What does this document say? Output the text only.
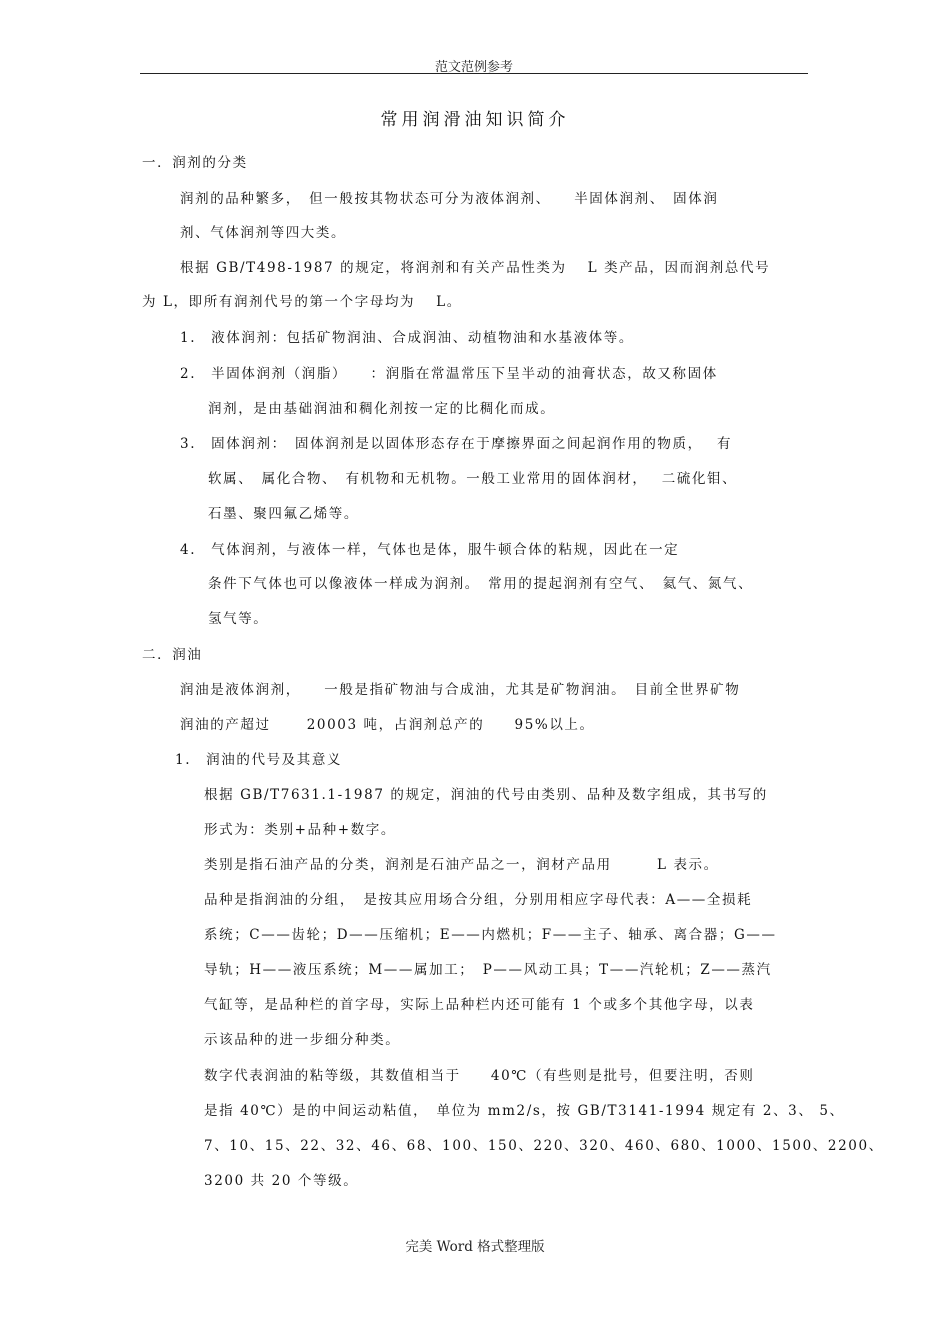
范文范例参考
常用润滑油知识简介
一．润剂的分类
润剂的品种繁多，　但一般按其物状态可分为液体润剂、　　半固体润剂、　固体润
剂、气体润剂等四大类。
根据 GB/T498-1987 的规定，将润剂和有关产品性类为　 L 类产品，因而润剂总代号
为 L，即所有润剂代号的第一个字母均为　 L。
1.　液体润剂：包括矿物润油、合成润油、动植物油和水基液体等。
2.　半固体润剂（润脂）　　：润脂在常温常压下呈半动的油膏状态，故又称固体
润剂，是由基础润油和稠化剂按一定的比稠化而成。
3.　固体润剂：　固体润剂是以固体形态存在于摩擦界面之间起润作用的物质，　 有
软属、　属化合物、　有机物和无机物。一般工业常用的固体润材，　 二硫化钼、
石墨、聚四氟乙烯等。
4.　气体润剂，与液体一样，气体也是体，服牛顿合体的粘规，因此在一定
条件下气体也可以像液体一样成为润剂。　常用的提起润剂有空气、　氦气、氮气、
氢气等。
二．润油
润油是液体润剂，　　一般是指矿物油与合成油，尤其是矿物润油。　目前全世界矿物
润油的产超过　　 20003 吨，占润剂总产的　　95%以上。
1.　润油的代号及其意义
根据 GB/T7631.1-1987 的规定，润油的代号由类别、品种及数字组成，其书写的
形式为：类别+品种+数字。
类别是指石油产品的分类，润剂是石油产品之一，润材产品用　　　L 表示。
品种是指润油的分组，　是按其应用场合分组，分别用相应字母代表：A——全损耗
系统；C——齿轮；D——压缩机；E——内燃机；F——主子、轴承、离合器；G——
导轨；H——液压系统；M——属加工；　P——风动工具；T——汽轮机；Z——蒸汽
气缸等，是品种栏的首字母，实际上品种栏内还可能有 1 个或多个其他字母，以表
示该品种的进一步细分种类。
数字代表润油的粘等级，其数值相当于　　40℃（有些则是批号，但要注明，否则
是指 40℃）是的中间运动粘值，　单位为 mm2/s，按 GB/T3141-1994 规定有 2、3、 5、
7、10、15、22、32、46、68、100、150、220、320、460、680、1000、1500、2200、
3200 共 20 个等级。
完美 Word 格式整理版
